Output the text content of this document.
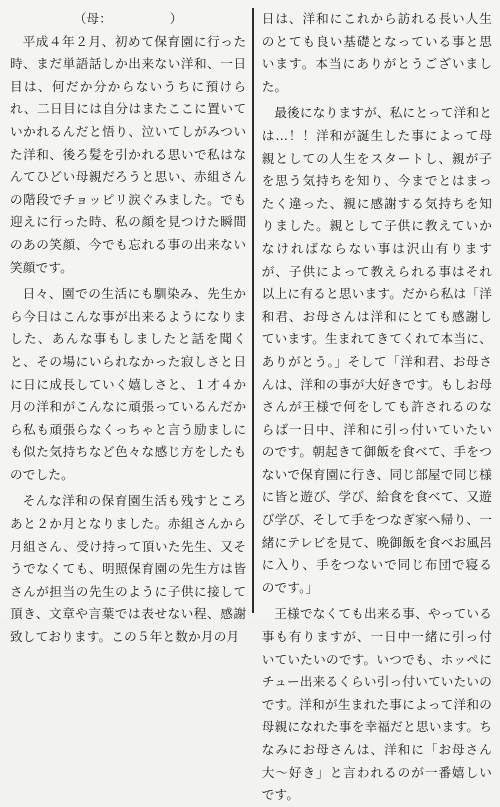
（母：　　　　　）

平成４年２月、初めて保育園に行った時、まだ単語話しか出来ない洋和、一日目は、何だか分からないうちに預けられ、二日目には自分はまたここに置いていかれるんだと悟り、泣いてしがみついた洋和、後ろ髪を引かれる思いで私はなんてひどい母親だろうと思い、赤組さんの階段でチョッピリ涙ぐみました。でも迎えに行った時、私の顔を見つけた瞬間のあの笑顔、今でも忘れる事の出来ない笑顔です。

日々、園での生活にも馴染み、先生から今日はこんな事が出来るようになりました、あんな事もしましたと話を聞くと、その場にいられなかった寂しさと日に日に成長していく嬉しさと、１才４か月の洋和がこんなに頑張っているんだから私も頑張らなくっちゃと言う励ましにも似た気持ちなど色々な感じ方をしたものでした。

そんな洋和の保育園生活も残すところあと２か月となりました。赤組さんから月組さん、受け持って頂いた先生、又そうでなくても、明照保育園の先生方は皆さんが担当の先生のように子供に接して頂き、文章や言葉では表せない程、感謝致しております。この５年と数か月の月

日は、洋和にこれから訪れる長い人生のとても良い基礎となっている事と思います。本当にありがとうございました。

最後になりますが、私にとって洋和とは…！！洋和が誕生した事によって母親としての人生をスタートし、親が子を思う気持ちを知り、今までとはまったく違った、親に感謝する気持ちを知りました。親として子供に教えていかなければならない事は沢山有りますが、子供によって教えられる事はそれ以上に有ると思います。だから私は「洋和君、お母さんは洋和にとても感謝しています。生まれてきてくれて本当に、ありがとう。」そして「洋和君、お母さんは、洋和の事が大好きです。もしお母さんが王様で何をしても許されるのならば一日中、洋和に引っ付いていたいのです。朝起きて御飯を食べて、手をつないで保育園に行き、同じ部屋で同じ様に皆と遊び、学び、給食を食べて、又遊び学び、そして手をつなぎ家へ帰り、一緒にテレビを見て、晩御飯を食べお風呂に入り、手をつないで同じ布団で寝るのです。」

王様でなくても出来る事、やっている事も有りますが、一日中一緒に引っ付いていたいのです。いつでも、ホッペにチュー出来るくらい引っ付いていたいのです。洋和が生まれた事によって洋和の母親になれた事を幸福だと思います。ちなみにお母さんは、洋和に「お母さん大〜好き」と言われるのが一番嬉しいです。
